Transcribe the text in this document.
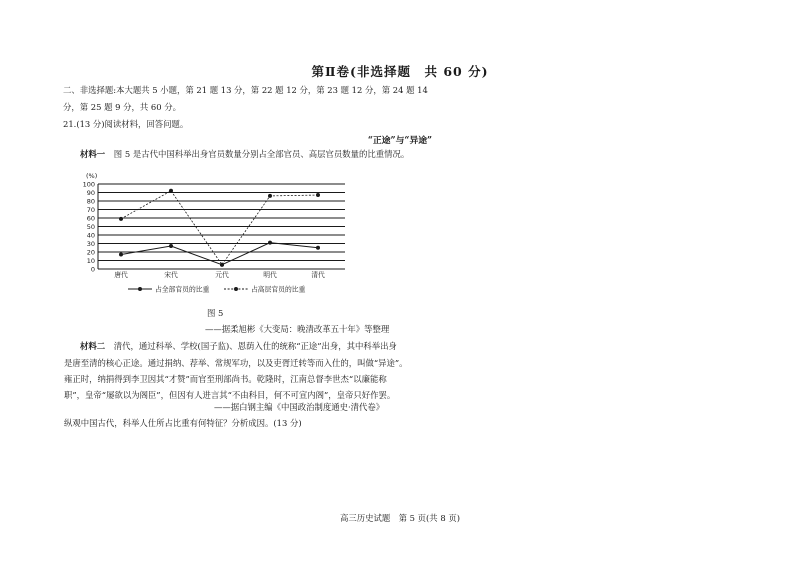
第Ⅱ卷(非选择题　共 60 分)
二、非选择题:本大题共 5 小题，第 21 题 13 分，第 22 题 12 分，第 23 题 12 分，第 24 题 14
分，第 25 题 9 分，共 60 分。
21.(13 分)阅读材料，回答问题。
“正途”与“异途”
材料一 图 5 是古代中国科举出身官员数量分别占全部官员、高层官员数量的比重情况。
(%)
0
10
20
30
40
50
60
70
80
90
100
唐代	宋代	元代	明代	清代
占全部官员的比重	占高层官员的比重
图 5
——据柔旭彬《大变局：晚清改革五十年》等整理
材料二 清代，通过科举、学校(国子监)、恩荫入仕的统称“正途”出身，其中科举出身
是唐至清的核心正途。通过捐纳、荐举、常规军功，以及吏胥迁转等而入仕的，叫做“异途”。
雍正时，纳捐得到李卫因其“才赞”而官至刑部尚书。乾隆时，江南总督李世杰“以廉能称
职”，皇帝“屡欲以为阁臣”，但因有人进言其“不由科目，何不可宣内阁”，皇帝只好作罢。
——据白钢主编《中国政治制度通史·清代卷》
纵观中国古代，科举人仕所占比重有何特征？分析成因。(13 分)
高三历史试题　第 5 页(共 8 页)
